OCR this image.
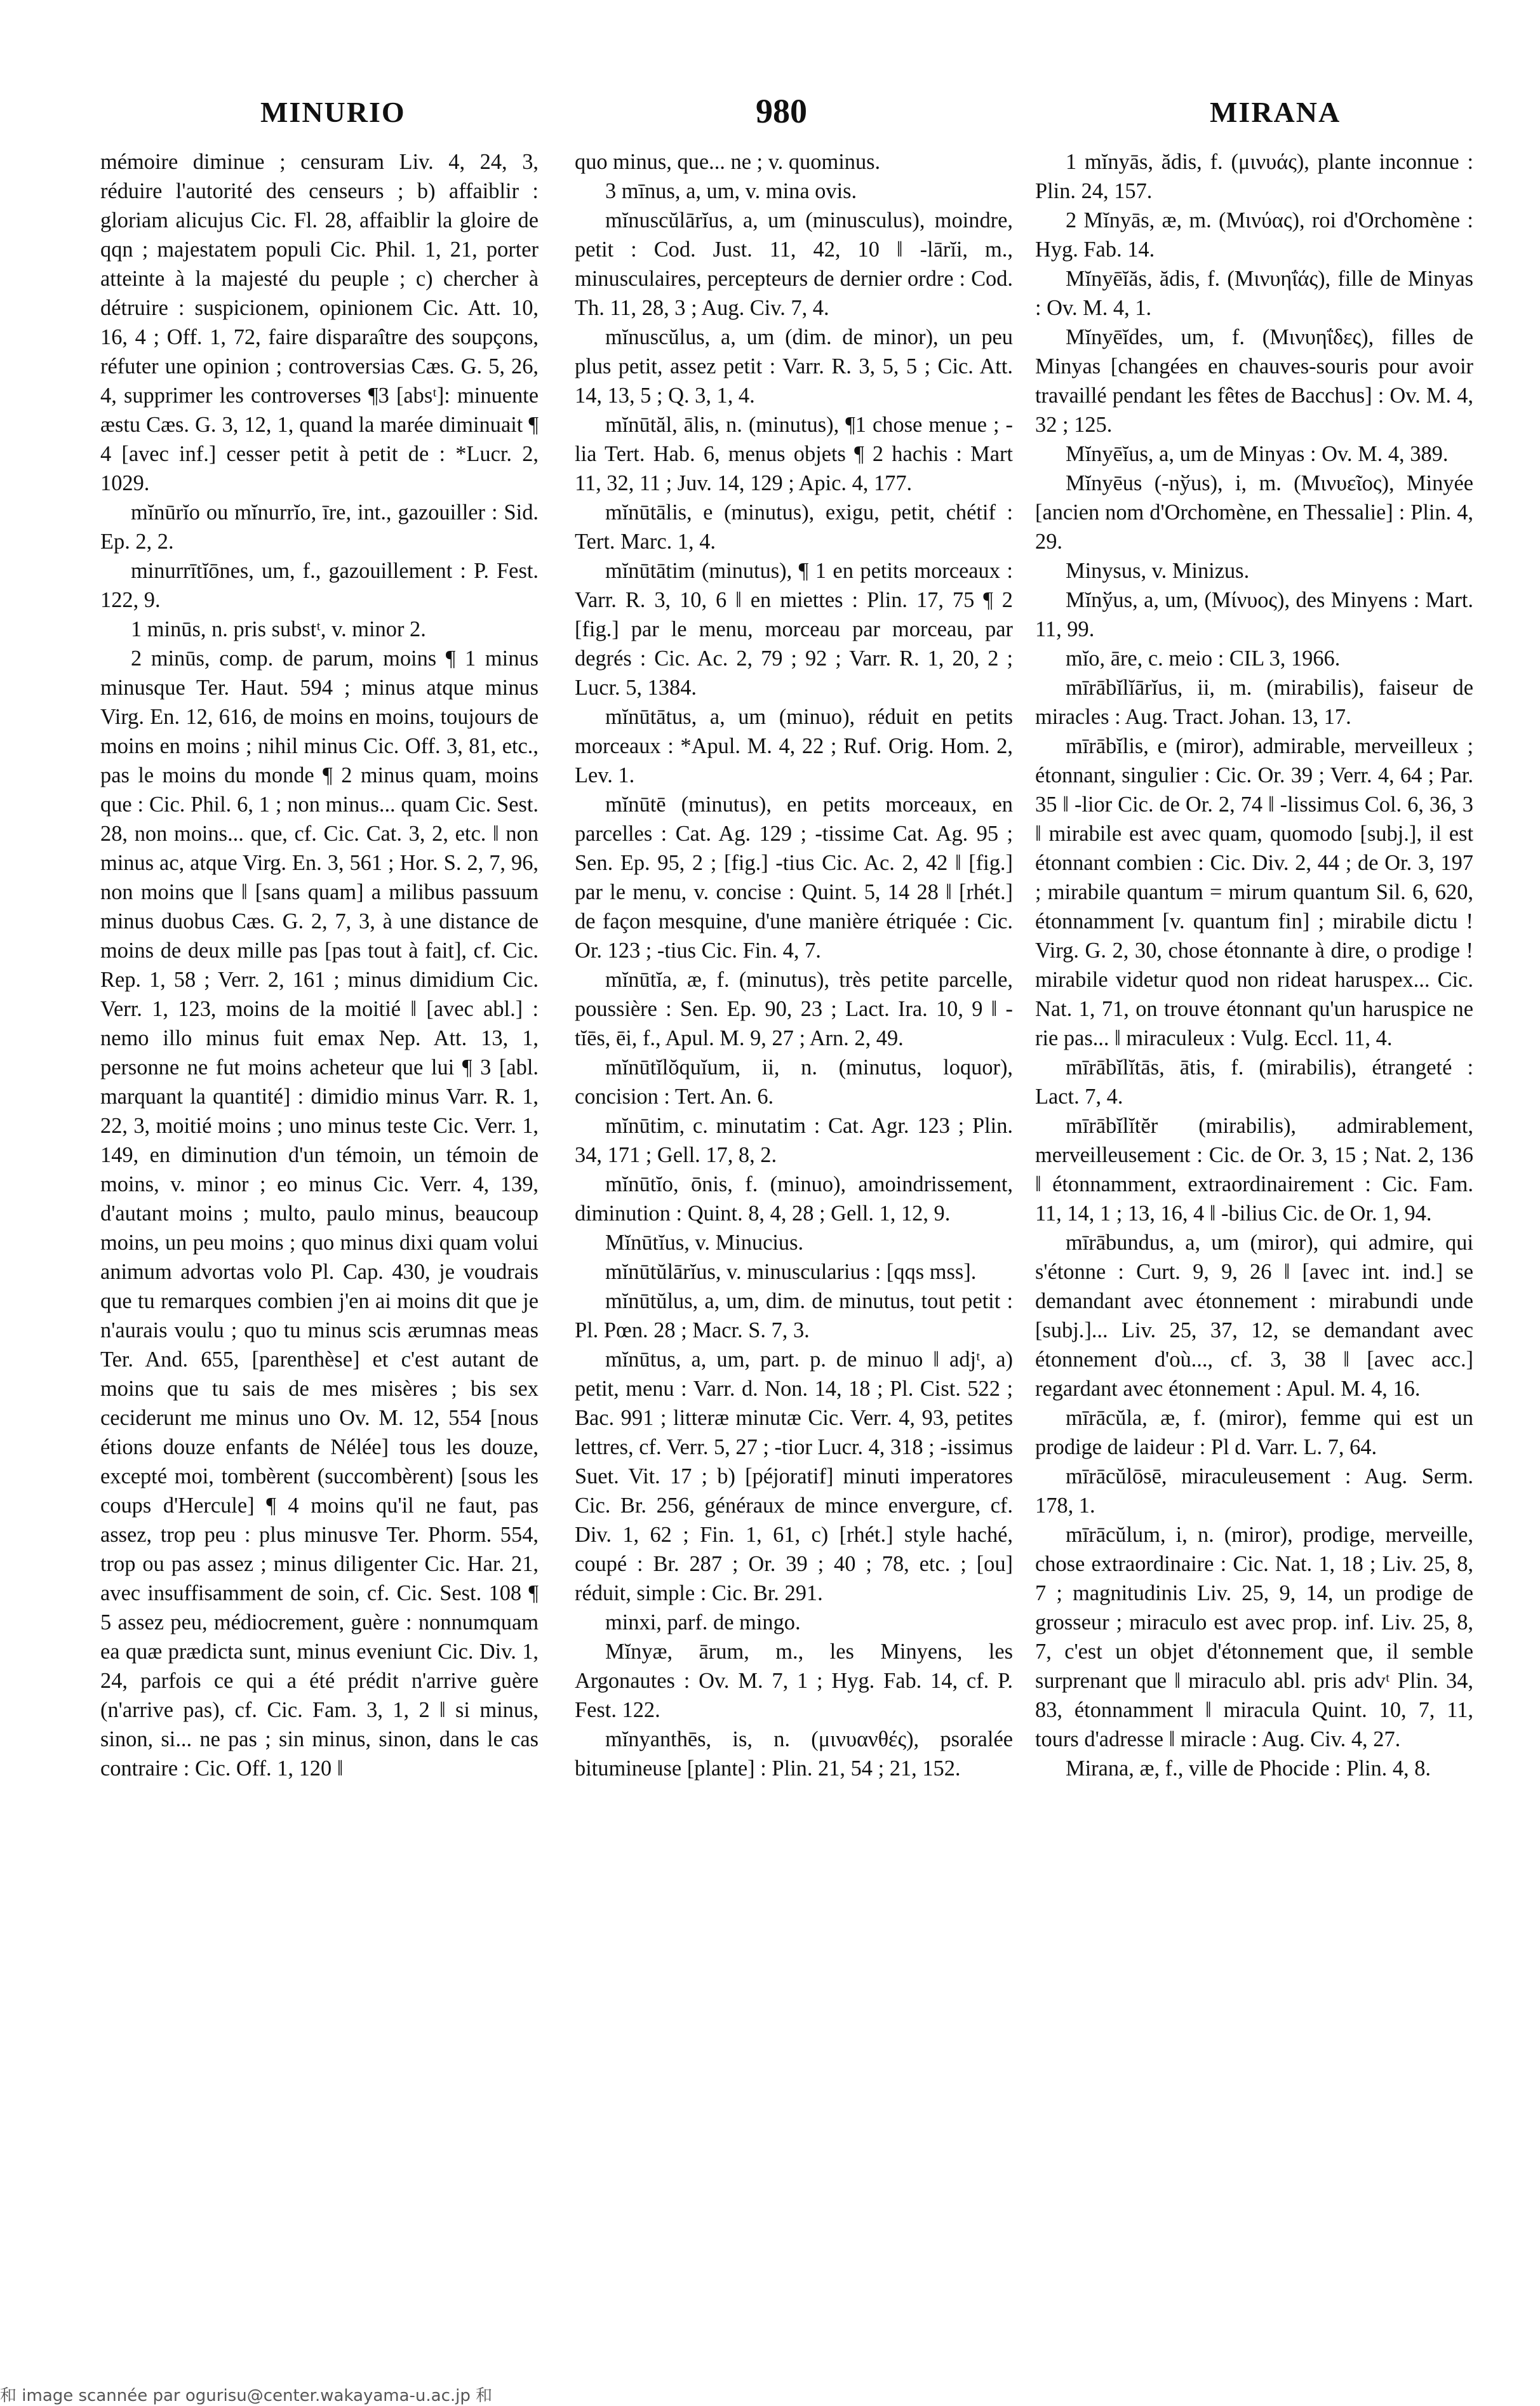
MINURIO	980	MIRANA

mémoire diminue ; censuram Liv. 4, 24, 3, réduire l'autorité des censeurs ; b) affaiblir : gloriam alicujus Cic. Fl. 28, affaiblir la gloire de qqn ; majestatem populi Cic. Phil. 1, 21, porter atteinte à la majesté du peuple ; c) chercher à détruire : suspicionem, opinionem Cic. Att. 10, 16, 4 ; Off. 1, 72, faire disparaître des soupçons, réfuter une opinion ; controversias Cæs. G. 5, 26, 4, supprimer les controverses ¶3 [absᵗ]: minuente æstu Cæs. G. 3, 12, 1, quand la marée diminuait ¶ 4 [avec inf.] cesser petit à petit de : *Lucr. 2, 1029.

mĭnūrĭo ou mĭnurrĭo, īre, int., gazouiller : Sid. Ep. 2, 2.

minurrītĭōnes, um, f., gazouillement : P. Fest. 122, 9.

1 minūs, n. pris substᵗ, v. minor 2.

2 minūs, comp. de parum, moins ¶ 1 minus minusque Ter. Haut. 594 ; minus atque minus Virg. En. 12, 616, de moins en moins, toujours de moins en moins ; nihil minus Cic. Off. 3, 81, etc., pas le moins du monde ¶ 2 minus quam, moins que : Cic. Phil. 6, 1 ; non minus... quam Cic. Sest. 28, non moins... que, cf. Cic. Cat. 3, 2, etc. ‖ non minus ac, atque Virg. En. 3, 561 ; Hor. S. 2, 7, 96, non moins que ‖ [sans quam] a milibus passuum minus duobus Cæs. G. 2, 7, 3, à une distance de moins de deux mille pas [pas tout à fait], cf. Cic. Rep. 1, 58 ; Verr. 2, 161 ; minus dimidium Cic. Verr. 1, 123, moins de la moitié ‖ [avec abl.] : nemo illo minus fuit emax Nep. Att. 13, 1, personne ne fut moins acheteur que lui ¶ 3 [abl. marquant la quantité] : dimidio minus Varr. R. 1, 22, 3, moitié moins ; uno minus teste Cic. Verr. 1, 149, en diminution d'un témoin, un témoin de moins, v. minor ; eo minus Cic. Verr. 4, 139, d'autant moins ; multo, paulo minus, beaucoup moins, un peu moins ; quo minus dixi quam volui animum advortas volo Pl. Cap. 430, je voudrais que tu remarques combien j'en ai moins dit que je n'aurais voulu ; quo tu minus scis ærumnas meas Ter. And. 655, [parenthèse] et c'est autant de moins que tu sais de mes misères ; bis sex ceciderunt me minus uno Ov. M. 12, 554 [nous étions douze enfants de Nélée] tous les douze, excepté moi, tombèrent (succombèrent) [sous les coups d'Hercule] ¶ 4 moins qu'il ne faut, pas assez, trop peu : plus minusve Ter. Phorm. 554, trop ou pas assez ; minus diligenter Cic. Har. 21, avec insuffisamment de soin, cf. Cic. Sest. 108 ¶ 5 assez peu, médiocrement, guère : nonnumquam ea quæ prædicta sunt, minus eveniunt Cic. Div. 1, 24, parfois ce qui a été prédit n'arrive guère (n'arrive pas), cf. Cic. Fam. 3, 1, 2 ‖ si minus, sinon, si... ne pas ; sin minus, sinon, dans le cas contraire : Cic. Off. 1, 120 ‖

quo minus, que... ne ; v. quominus.

3 mīnus, a, um, v. mina ovis.

mĭnuscŭlārĭus, a, um (minusculus), moindre, petit : Cod. Just. 11, 42, 10 ‖ -lārĭi, m., minusculaires, percepteurs de dernier ordre : Cod. Th. 11, 28, 3 ; Aug. Civ. 7, 4.

mĭnuscŭlus, a, um (dim. de minor), un peu plus petit, assez petit : Varr. R. 3, 5, 5 ; Cic. Att. 14, 13, 5 ; Q. 3, 1, 4.

mĭnūtăl, ālis, n. (minutus), ¶1 chose menue ; -lia Tert. Hab. 6, menus objets ¶ 2 hachis : Mart 11, 32, 11 ; Juv. 14, 129 ; Apic. 4, 177.

mĭnūtālis, e (minutus), exigu, petit, chétif : Tert. Marc. 1, 4.

mĭnūtātim (minutus), ¶ 1 en petits morceaux : Varr. R. 3, 10, 6 ‖ en miettes : Plin. 17, 75 ¶ 2 [fig.] par le menu, morceau par morceau, par degrés : Cic. Ac. 2, 79 ; 92 ; Varr. R. 1, 20, 2 ; Lucr. 5, 1384.

mĭnūtātus, a, um (minuo), réduit en petits morceaux : *Apul. M. 4, 22 ; Ruf. Orig. Hom. 2, Lev. 1.

mĭnūtē (minutus), en petits morceaux, en parcelles : Cat. Ag. 129 ; -tissime Cat. Ag. 95 ; Sen. Ep. 95, 2 ; [fig.] -tius Cic. Ac. 2, 42 ‖ [fig.] par le menu, v. concise : Quint. 5, 14 28 ‖ [rhét.] de façon mesquine, d'une manière étriquée : Cic. Or. 123 ; -tius Cic. Fin. 4, 7.

mĭnūtĭa, æ, f. (minutus), très petite parcelle, poussière : Sen. Ep. 90, 23 ; Lact. Ira. 10, 9 ‖ -tĭēs, ēi, f., Apul. M. 9, 27 ; Arn. 2, 49.

mĭnūtĭlŏquĭum, ii, n. (minutus, loquor), concision : Tert. An. 6.

mĭnūtim, c. minutatim : Cat. Agr. 123 ; Plin. 34, 171 ; Gell. 17, 8, 2.

mĭnūtĭo, ōnis, f. (minuo), amoindrissement, diminution : Quint. 8, 4, 28 ; Gell. 1, 12, 9.

Mĭnūtĭus, v. Minucius.

mĭnūtŭlārĭus, v. minuscularius : [qqs mss].

mĭnūtŭlus, a, um, dim. de minutus, tout petit : Pl. Pœn. 28 ; Macr. S. 7, 3.

mĭnūtus, a, um, part. p. de minuo ‖ adjᵗ, a) petit, menu : Varr. d. Non. 14, 18 ; Pl. Cist. 522 ; Bac. 991 ; litteræ minutæ Cic. Verr. 4, 93, petites lettres, cf. Verr. 5, 27 ; -tior Lucr. 4, 318 ; -issimus Suet. Vit. 17 ; b) [péjoratif] minuti imperatores Cic. Br. 256, généraux de mince envergure, cf. Div. 1, 62 ; Fin. 1, 61, c) [rhét.] style haché, coupé : Br. 287 ; Or. 39 ; 40 ; 78, etc. ; [ou] réduit, simple : Cic. Br. 291.

minxi, parf. de mingo.

Mĭnyæ, ārum, m., les Minyens, les Argonautes : Ov. M. 7, 1 ; Hyg. Fab. 14, cf. P. Fest. 122.

mĭnyanthēs, is, n. (μινυανθές), psoralée bitumineuse [plante] : Plin. 21, 54 ; 21, 152.

1 mĭnyās, ădis, f. (μινυάς), plante inconnue : Plin. 24, 157.

2 Mĭnyās, æ, m. (Μινύας), roi d'Orchomène : Hyg. Fab. 14.

Mĭnyēĭăs, ădis, f. (Μινυηΐάς), fille de Minyas : Ov. M. 4, 1.

Mĭnyēĭdes, um, f. (Μινυηΐδες), filles de Minyas [changées en chauves-souris pour avoir travaillé pendant les fêtes de Bacchus] : Ov. M. 4, 32 ; 125.

Mĭnyēĭus, a, um de Minyas : Ov. M. 4, 389.

Mĭnyēus (-nўus), i, m. (Μινυεῖος), Minyée [ancien nom d'Orchomène, en Thessalie] : Plin. 4, 29.

Minysus, v. Minizus.

Mĭnўus, a, um, (Μίνυος), des Minyens : Mart. 11, 99.

mĭo, āre, c. meio : CIL 3, 1966.

mīrābĭlĭārĭus, ii, m. (mirabilis), faiseur de miracles : Aug. Tract. Johan. 13, 17.

mīrābĭlis, e (miror), admirable, merveilleux ; étonnant, singulier : Cic. Or. 39 ; Verr. 4, 64 ; Par. 35 ‖ -lior Cic. de Or. 2, 74 ‖ -lissimus Col. 6, 36, 3 ‖ mirabile est avec quam, quomodo [subj.], il est étonnant combien : Cic. Div. 2, 44 ; de Or. 3, 197 ; mirabile quantum = mirum quantum Sil. 6, 620, étonnamment [v. quantum fin] ; mirabile dictu ! Virg. G. 2, 30, chose étonnante à dire, o prodige ! mirabile videtur quod non rideat haruspex... Cic. Nat. 1, 71, on trouve étonnant qu'un haruspice ne rie pas... ‖ miraculeux : Vulg. Eccl. 11, 4.

mīrābĭlĭtās, ātis, f. (mirabilis), étrangeté : Lact. 7, 4.

mīrābĭlĭtĕr (mirabilis), admirablement, merveilleusement : Cic. de Or. 3, 15 ; Nat. 2, 136 ‖ étonnamment, extraordinairement : Cic. Fam. 11, 14, 1 ; 13, 16, 4 ‖ -bilius Cic. de Or. 1, 94.

mīrābundus, a, um (miror), qui admire, qui s'étonne : Curt. 9, 9, 26 ‖ [avec int. ind.] se demandant avec étonnement : mirabundi unde [subj.]... Liv. 25, 37, 12, se demandant avec étonnement d'où..., cf. 3, 38 ‖ [avec acc.] regardant avec étonnement : Apul. M. 4, 16.

mīrācŭla, æ, f. (miror), femme qui est un prodige de laideur : Pl d. Varr. L. 7, 64.

mīrācŭlōsē, miraculeusement : Aug. Serm. 178, 1.

mīrācŭlum, i, n. (miror), prodige, merveille, chose extraordinaire : Cic. Nat. 1, 18 ; Liv. 25, 8, 7 ; magnitudinis Liv. 25, 9, 14, un prodige de grosseur ; miraculo est avec prop. inf. Liv. 25, 8, 7, c'est un objet d'étonnement que, il semble surprenant que ‖ miraculo abl. pris advᵗ Plin. 34, 83, étonnamment ‖ miracula Quint. 10, 7, 11, tours d'adresse ‖ miracle : Aug. Civ. 4, 27.

Mirana, æ, f., ville de Phocide : Plin. 4, 8.

和 image scannée par ogurisu@center.wakayama-u.ac.jp 和
